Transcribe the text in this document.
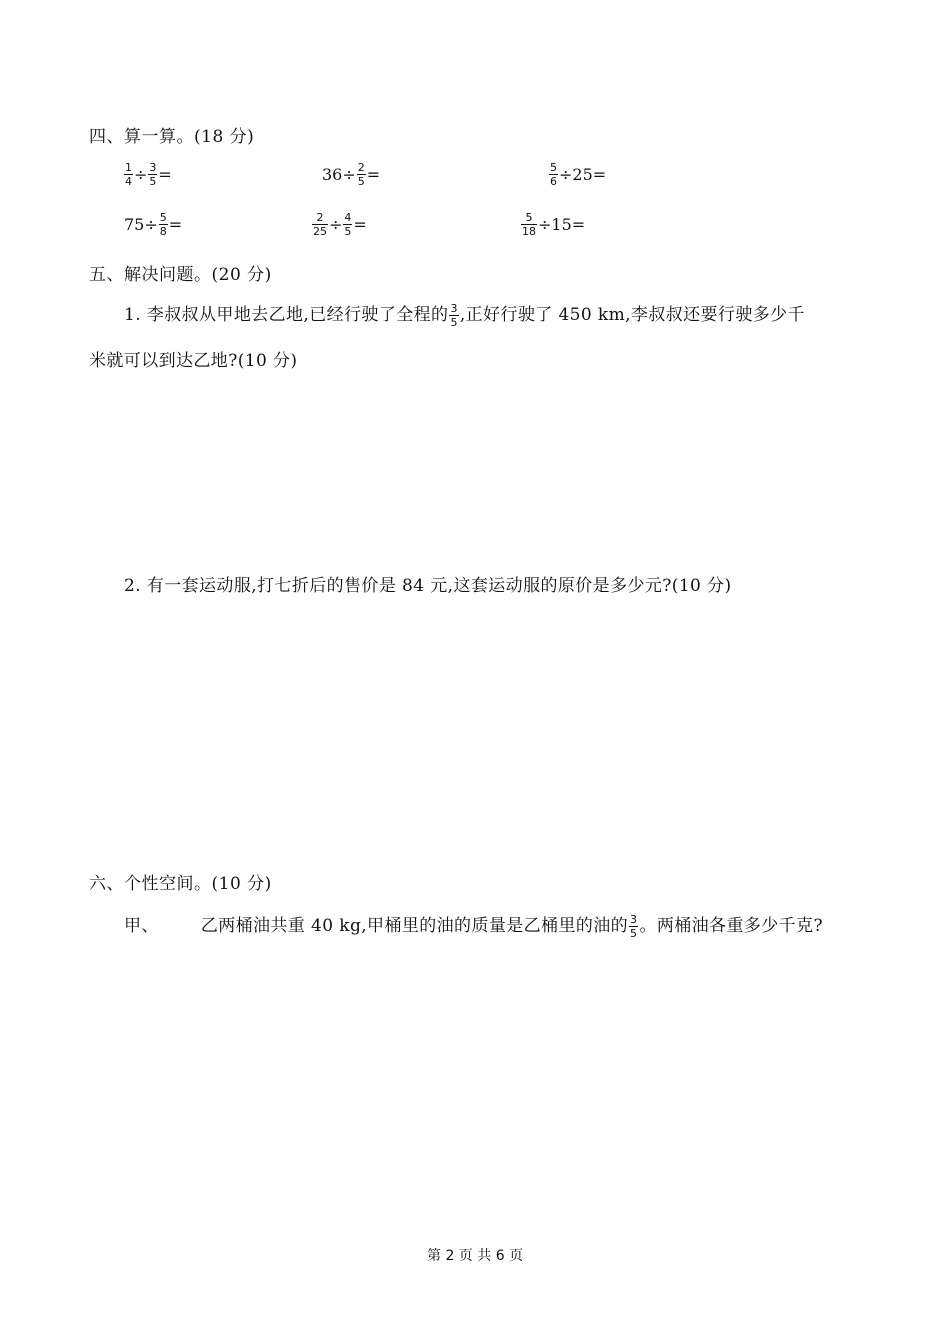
四、算一算。(18 分)
$\frac{1}{4} \div \frac{3}{5}$ =	$36\div \frac{2}{5}$ =	$\frac{5}{6} \div 25=$
$75\div \frac{5}{8}$ =	$\frac{2}{25} \div \frac{4}{5}$ =	$\frac{5}{18} \div 15=$
五、解决问题。(20 分)
1. 李叔叔从甲地去乙地,已经行驶了全程的 $\frac{3}{5}$ ,正好行驶了 450 km,李叔叔还要行驶多少千
米就可以到达乙地?(10 分)
2. 有一套运动服,打七折后的售价是 84 元,这套运动服的原价是多少元?(10 分)
六、个性空间。(10 分)
甲、 乙两桶油共重 40 kg,甲桶里的油的质量是乙桶里的油的 $\frac{3}{5}$ 。两桶油各重多少千克?
第 2 页 共 6 页
